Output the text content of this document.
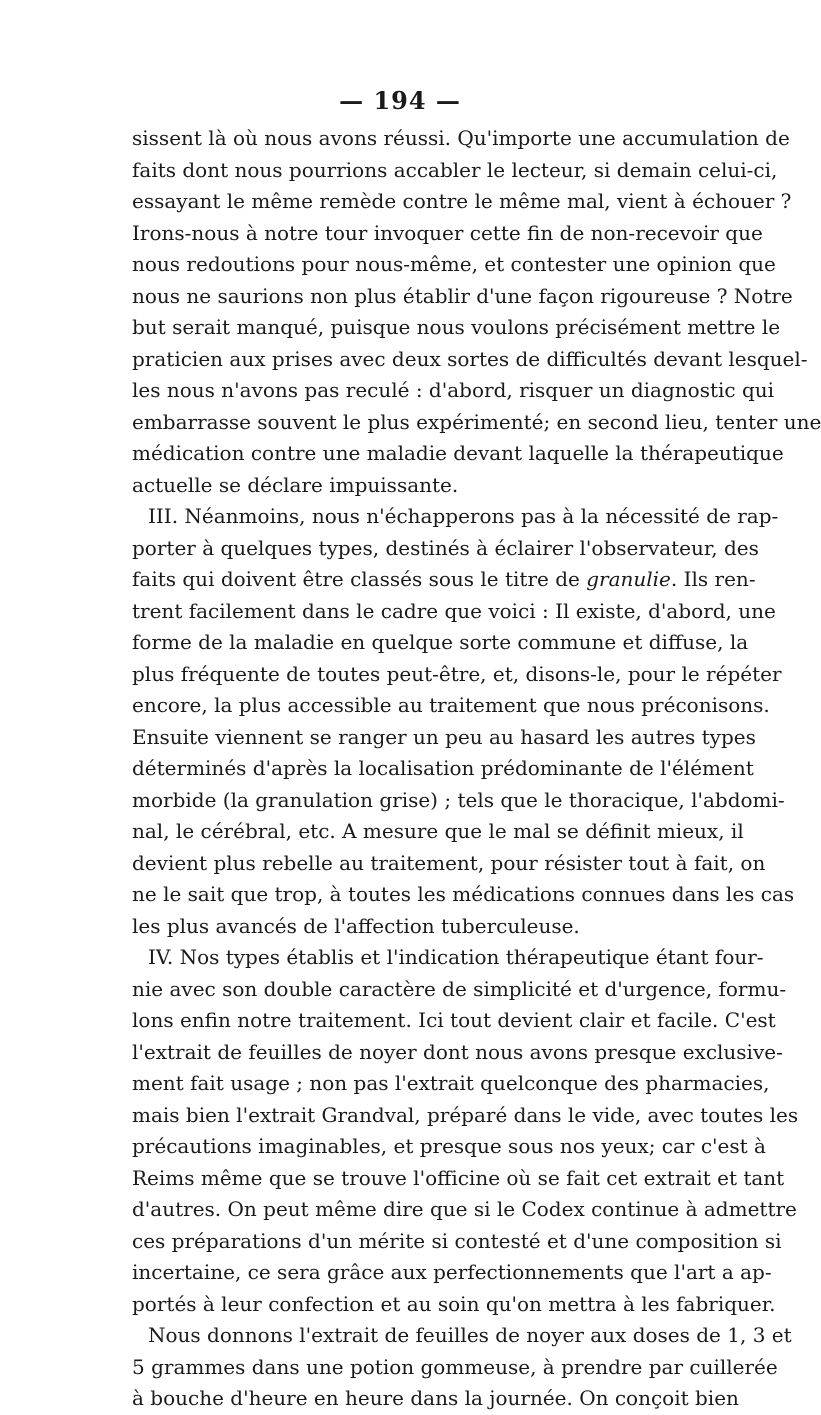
— 194 —
sissent là où nous avons réussi. Qu'importe une accumulation de
faits dont nous pourrions accabler le lecteur, si demain celui-ci,
essayant le même remède contre le même mal, vient à échouer ?
Irons-nous à notre tour invoquer cette fin de non-recevoir que
nous redoutions pour nous-même, et contester une opinion que
nous ne saurions non plus établir d'une façon rigoureuse ? Notre
but serait manqué, puisque nous voulons précisément mettre le
praticien aux prises avec deux sortes de difficultés devant lesquel-
les nous n'avons pas reculé : d'abord, risquer un diagnostic qui
embarrasse souvent le plus expérimenté; en second lieu, tenter une
médication contre une maladie devant laquelle la thérapeutique
actuelle se déclare impuissante.
III. Néanmoins, nous n'échapperons pas à la nécessité de rap-
porter à quelques types, destinés à éclairer l'observateur, des
faits qui doivent être classés sous le titre de granulie. Ils ren-
trent facilement dans le cadre que voici : Il existe, d'abord, une
forme de la maladie en quelque sorte commune et diffuse, la
plus fréquente de toutes peut-être, et, disons-le, pour le répéter
encore, la plus accessible au traitement que nous préconisons.
Ensuite viennent se ranger un peu au hasard les autres types
déterminés d'après la localisation prédominante de l'élément
morbide (la granulation grise) ; tels que le thoracique, l'abdomi-
nal, le cérébral, etc. A mesure que le mal se définit mieux, il
devient plus rebelle au traitement, pour résister tout à fait, on
ne le sait que trop, à toutes les médications connues dans les cas
les plus avancés de l'affection tuberculeuse.
IV. Nos types établis et l'indication thérapeutique étant four-
nie avec son double caractère de simplicité et d'urgence, formu-
lons enfin notre traitement. Ici tout devient clair et facile. C'est
l'extrait de feuilles de noyer dont nous avons presque exclusive-
ment fait usage ; non pas l'extrait quelconque des pharmacies,
mais bien l'extrait Grandval, préparé dans le vide, avec toutes les
précautions imaginables, et presque sous nos yeux; car c'est à
Reims même que se trouve l'officine où se fait cet extrait et tant
d'autres. On peut même dire que si le Codex continue à admettre
ces préparations d'un mérite si contesté et d'une composition si
incertaine, ce sera grâce aux perfectionnements que l'art a ap-
portés à leur confection et au soin qu'on mettra à les fabriquer.
Nous donnons l'extrait de feuilles de noyer aux doses de 1, 3 et
5 grammes dans une potion gommeuse, à prendre par cuillerée
à bouche d'heure en heure dans la journée. On conçoit bien
